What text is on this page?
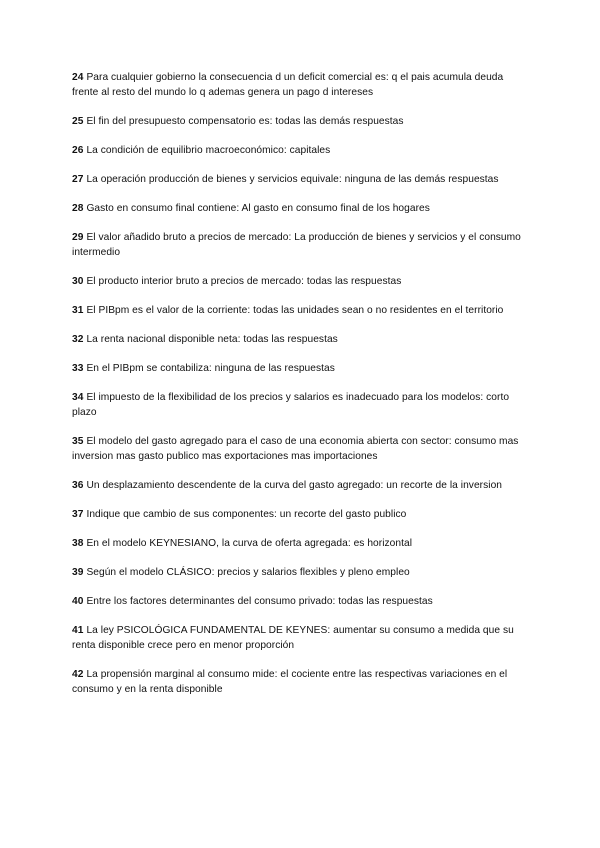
24 Para cualquier gobierno la consecuencia d un deficit comercial es: q el pais acumula deuda frente al resto del mundo lo q ademas genera un pago d intereses

25 El fin del presupuesto compensatorio es: todas las demás respuestas

26 La condición de equilibrio macroeconómico: capitales

27 La operación producción de bienes y servicios equivale: ninguna de las demás respuestas

28 Gasto en consumo final contiene: Al gasto en consumo final de los hogares

29 El valor añadido bruto a precios de mercado: La producción de bienes y servicios y el consumo intermedio

30 El producto interior bruto a precios de mercado: todas las respuestas

31 El PIBpm es el valor de la corriente: todas las unidades sean o no residentes en el territorio

32 La renta nacional disponible neta: todas las respuestas

33 En el PIBpm se contabiliza: ninguna de las respuestas

34 El impuesto de la flexibilidad de los precios y salarios es inadecuado para los modelos: corto plazo

35 El modelo del gasto agregado para el caso de una economia abierta con sector: consumo mas inversion mas gasto publico mas exportaciones mas importaciones

36 Un desplazamiento descendente de la curva del gasto agregado: un recorte de la inversion

37 Indique que cambio de sus componentes: un recorte del gasto publico

38 En el modelo KEYNESIANO, la curva de oferta agregada: es horizontal

39 Según el modelo CLÁSICO: precios y salarios flexibles y pleno empleo

40 Entre los factores determinantes del consumo privado: todas las respuestas

41 La ley PSICOLÓGICA FUNDAMENTAL DE KEYNES: aumentar su consumo a medida que su renta disponible crece pero en menor proporción

42 La propensión marginal al consumo mide: el cociente entre las respectivas variaciones en el consumo y en la renta disponible
